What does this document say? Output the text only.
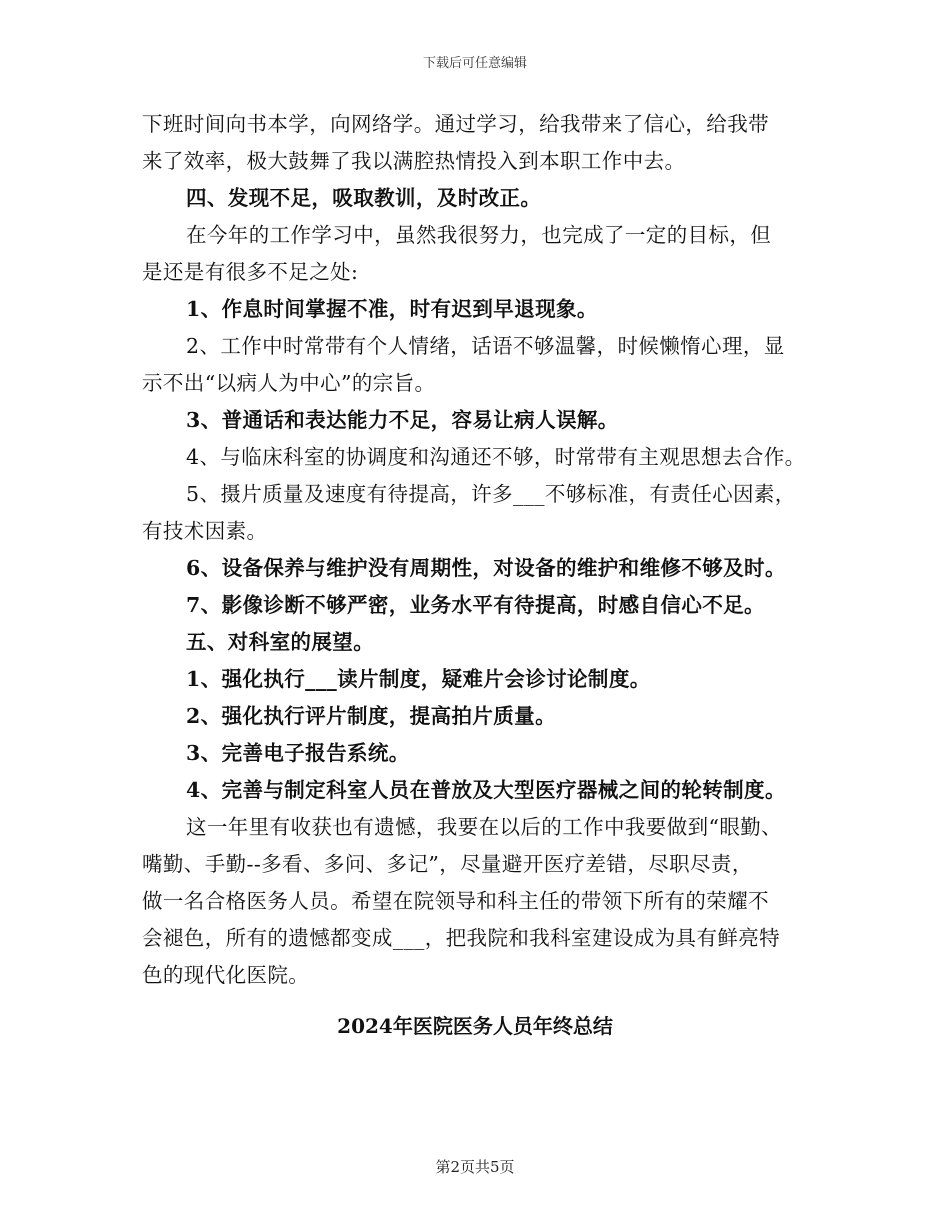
下载后可任意编辑
下班时间向书本学，向网络学。通过学习，给我带来了信心，给我带
来了效率，极大鼓舞了我以满腔热情投入到本职工作中去。
四、发现不足，吸取教训，及时改正。
在今年的工作学习中，虽然我很努力，也完成了一定的目标，但
是还是有很多不足之处:
1、作息时间掌握不准，时有迟到早退现象。
2、工作中时常带有个人情绪，话语不够温馨，时候懒惰心理，显
示不出“以病人为中心”的宗旨。
3、普通话和表达能力不足，容易让病人误解。
4、与临床科室的协调度和沟通还不够，时常带有主观思想去合作。
5、摄片质量及速度有待提高，许多___不够标准，有责任心因素，
有技术因素。
6、设备保养与维护没有周期性，对设备的维护和维修不够及时。
7、影像诊断不够严密，业务水平有待提高，时感自信心不足。
五、对科室的展望。
1、强化执行___读片制度，疑难片会诊讨论制度。
2、强化执行评片制度，提高拍片质量。
3、完善电子报告系统。
4、完善与制定科室人员在普放及大型医疗器械之间的轮转制度。
这一年里有收获也有遗憾，我要在以后的工作中我要做到“眼勤、
嘴勤、手勤--多看、多问、多记”，尽量避开医疗差错，尽职尽责，
做一名合格医务人员。希望在院领导和科主任的带领下所有的荣耀不
会褪色，所有的遗憾都变成___，把我院和我科室建设成为具有鲜亮特
色的现代化医院。
2024年医院医务人员年终总结
第2页共5页
